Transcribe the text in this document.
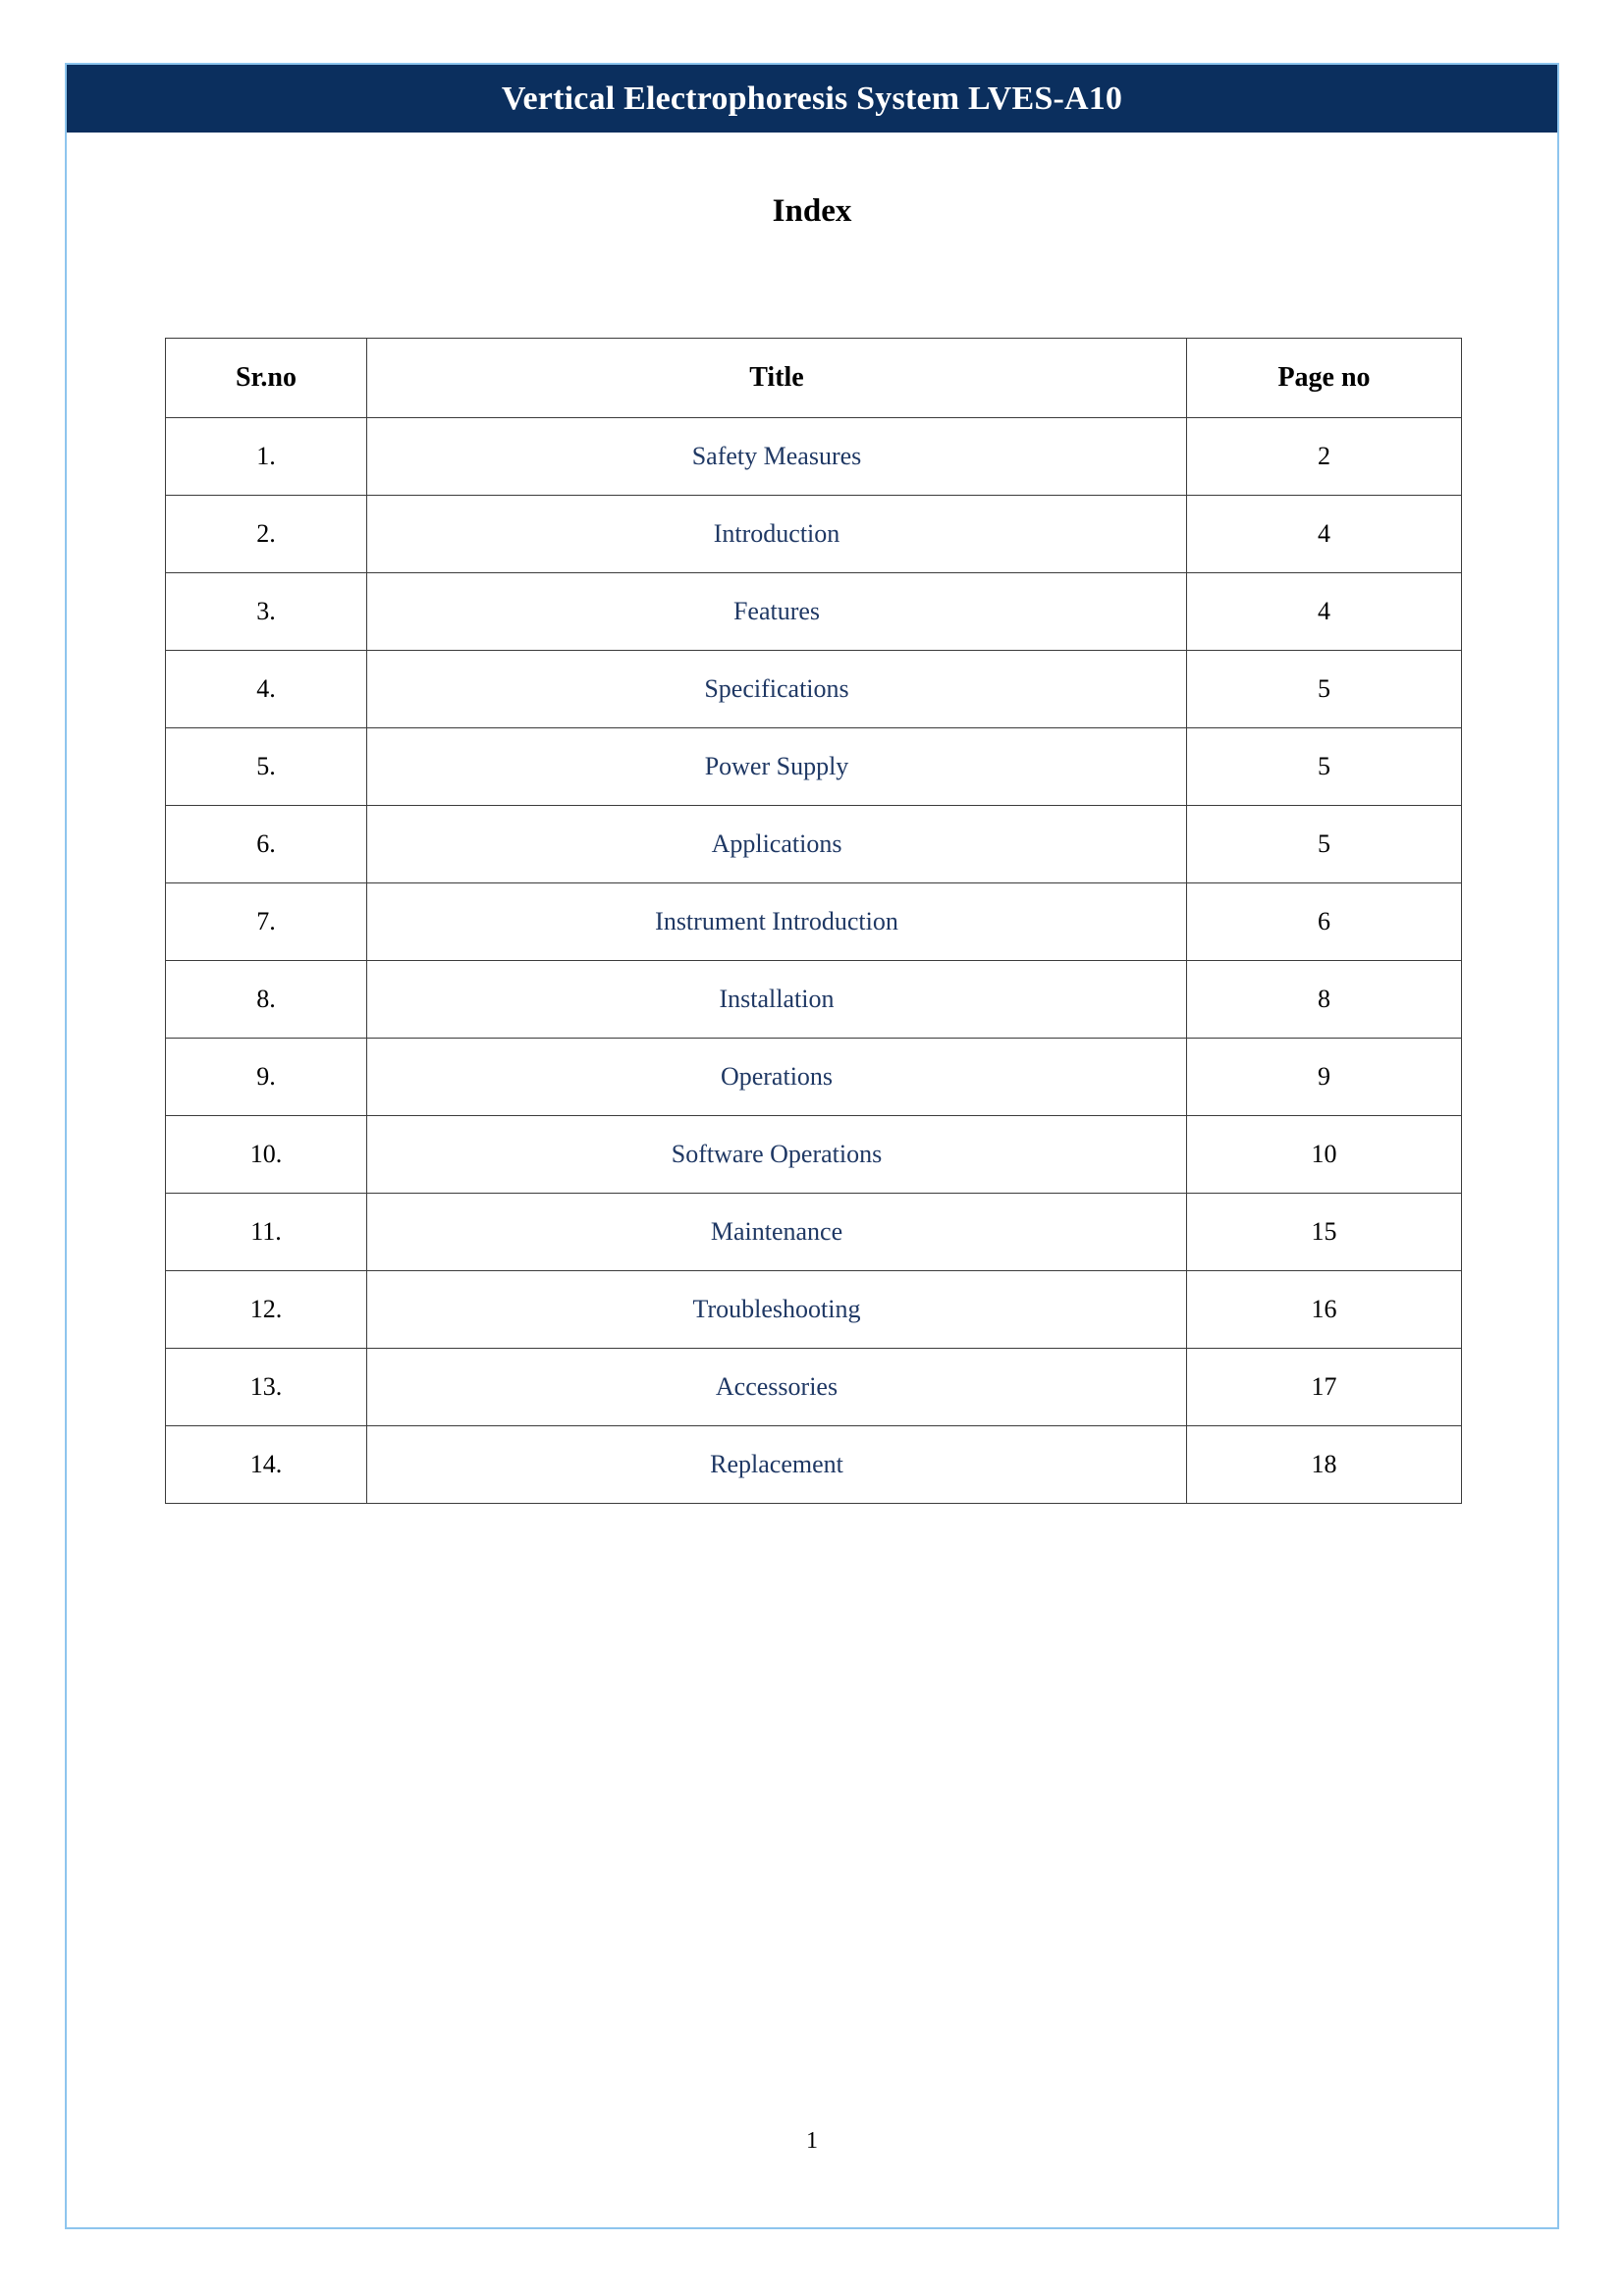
Vertical Electrophoresis System LVES-A10
Index
Sr.no	Title	Page no
1.	Safety Measures	2
2.	Introduction	4
3.	Features	4
4.	Specifications	5
5.	Power Supply	5
6.	Applications	5
7.	Instrument Introduction	6
8.	Installation	8
9.	Operations	9
10.	Software Operations	10
11.	Maintenance	15
12.	Troubleshooting	16
13.	Accessories	17
14.	Replacement	18
1
